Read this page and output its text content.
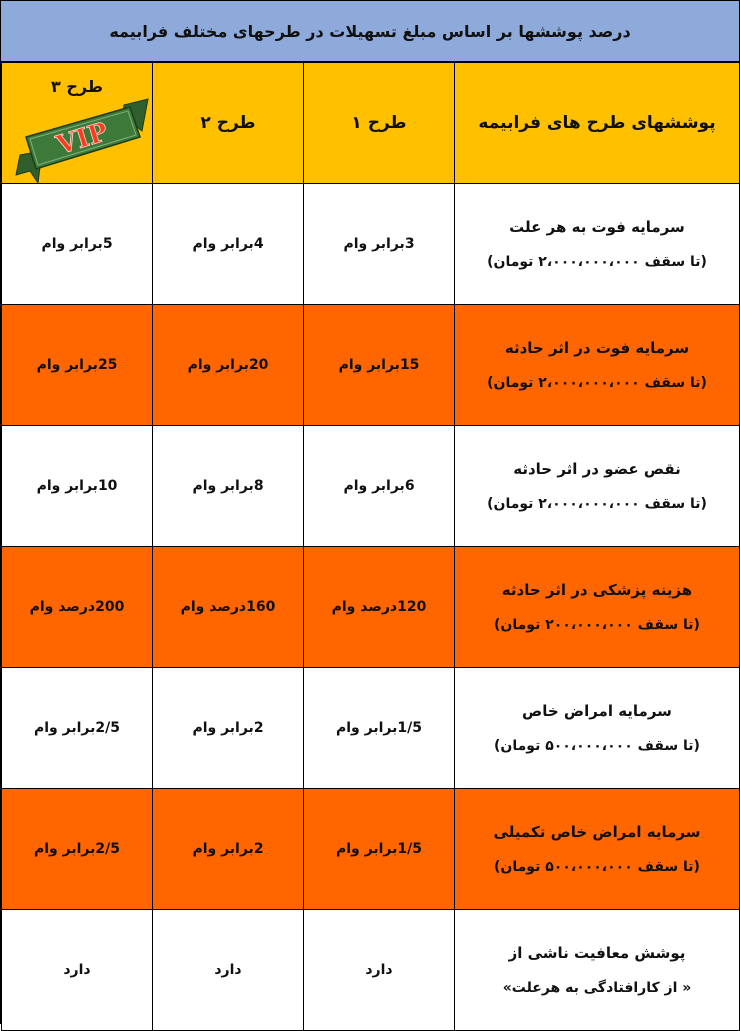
درصد پوششها بر اساس مبلغ تسهیلات در طرحهای مختلف فرابیمه
پوششهای طرح های فرابیمه	طرح ۱	طرح ۲	طرح ۳
VIP

سرمایه فوت به هر علت
(تا سقف ۲،۰۰۰،۰۰۰،۰۰۰ تومان)	3برابر وام	4برابر وام	5برابر وام

سرمایه فوت در اثر حادثه
(تا سقف ۲،۰۰۰،۰۰۰،۰۰۰ تومان)	15برابر وام	20برابر وام	25برابر وام

نقص عضو در اثر حادثه
(تا سقف ۲،۰۰۰،۰۰۰،۰۰۰ تومان)	6برابر وام	8برابر وام	10برابر وام

هزینه پزشکی در اثر حادثه
(تا سقف ۲۰۰،۰۰۰،۰۰۰ تومان)	120درصد وام	160درصد وام	200درصد وام

سرمایه امراض خاص
(تا سقف ۵۰۰،۰۰۰،۰۰۰ تومان)	1/5برابر وام	2برابر وام	2/5برابر وام

سرمایه امراض خاص تکمیلی
(تا سقف ۵۰۰،۰۰۰،۰۰۰ تومان)	1/5برابر وام	2برابر وام	2/5برابر وام

پوشش معافیت ناشی از
« از کارافتادگی به هرعلت»	دارد	دارد	دارد
